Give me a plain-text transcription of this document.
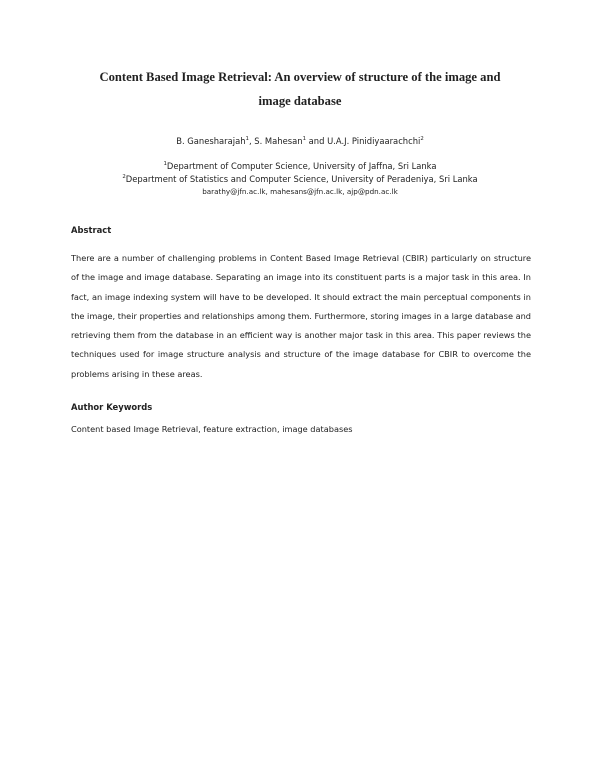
Content Based Image Retrieval: An overview of structure of the image and
image database
B. Ganesharajah$^1$, S. Mahesan$^1$ and U.A.J. Pinidiyaarachchi$^2$
$^1$Department of Computer Science, University of Jaffna, Sri Lanka
$^2$Department of Statistics and Computer Science, University of Peradeniya, Sri Lanka
barathy@jfn.ac.lk, mahesans@jfn.ac.lk, ajp@pdn.ac.lk
Abstract
There are a number of challenging problems in Content Based Image Retrieval (CBIR) particularly on structure of the image and image database. Separating an image into its constituent parts is a major task in this area. In fact, an image indexing system will have to be developed. It should extract the main perceptual components in the image, their properties and relationships among them. Furthermore, storing images in a large database and retrieving them from the database in an efficient way is another major task in this area. This paper reviews the techniques used for image structure analysis and structure of the image database for CBIR to overcome the problems arising in these areas.
Author Keywords
Content based Image Retrieval, feature extraction, image databases
